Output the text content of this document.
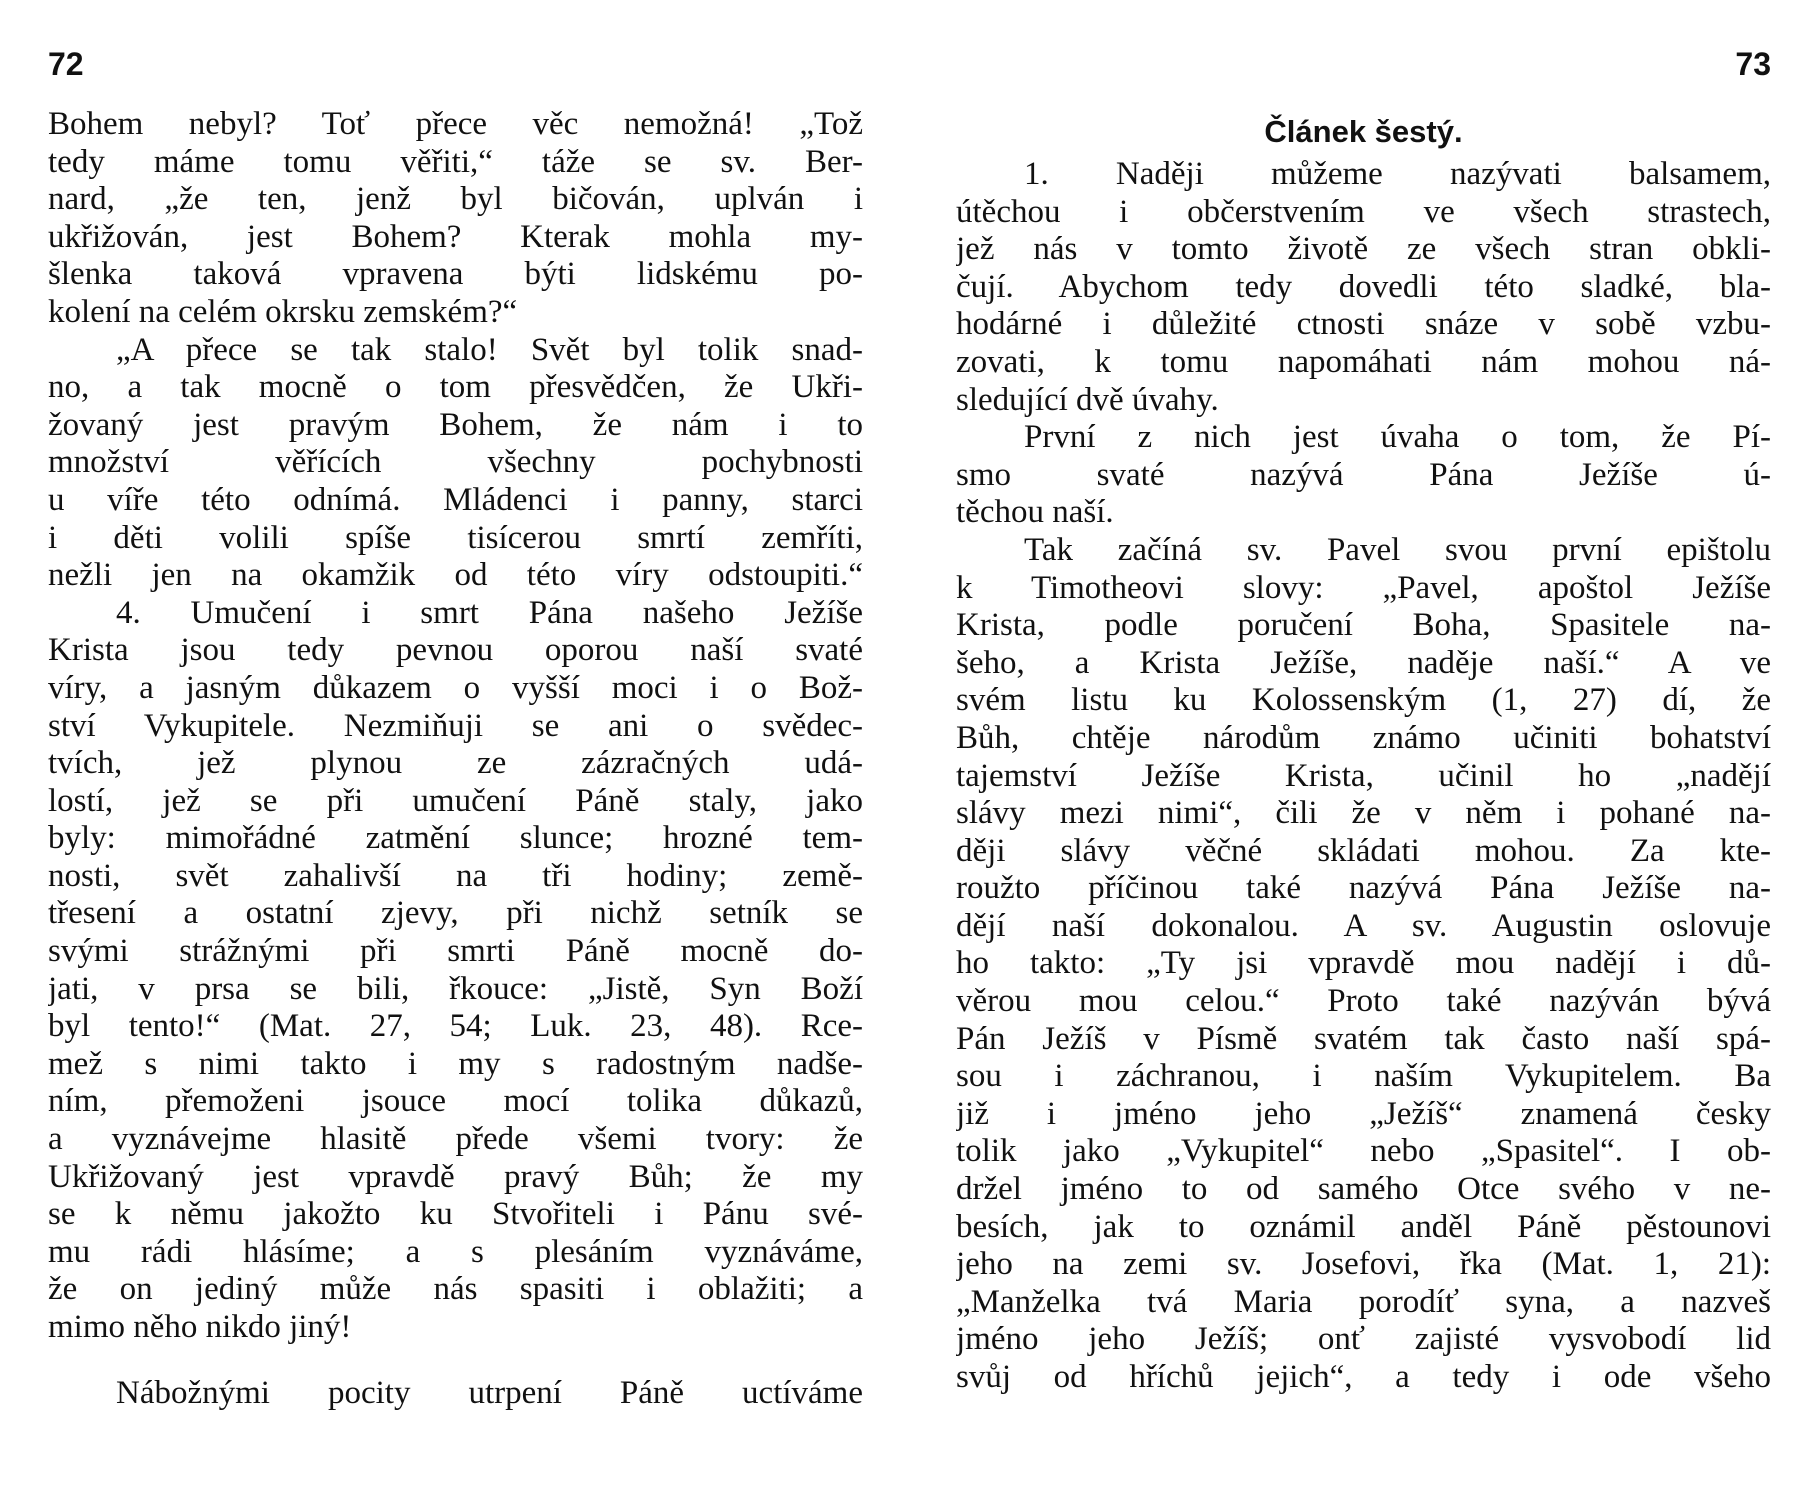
72
Bohem nebyl? Toť přece věc nemožná! „Tož
tedy máme tomu věřiti,“ táže se sv. Ber-
nard, „že ten, jenž byl bičován, uplván i
ukřižován, jest Bohem? Kterak mohla my-
šlenka taková vpravena býti lidskému po-
kolení na celém okrsku zemském?“
„A přece se tak stalo! Svět byl tolik snad-
no, a tak mocně o tom přesvědčen, že Ukři-
žovaný jest pravým Bohem, že nám i to
množství věřících všechny pochybnosti
u víře této odnímá. Mládenci i panny, starci
i děti volili spíše tisícerou smrtí zemříti,
nežli jen na okamžik od této víry odstoupiti.“
4. Umučení i smrt Pána našeho Ježíše
Krista jsou tedy pevnou oporou naší svaté
víry, a jasným důkazem o vyšší moci i o Bož-
ství Vykupitele. Nezmiňuji se ani o svědec-
tvích, jež plynou ze zázračných udá-
lostí, jež se při umučení Páně staly, jako
byly: mimořádné zatmění slunce; hrozné tem-
nosti, svět zahalivší na tři hodiny; země-
třesení a ostatní zjevy, při nichž setník se
svými strážnými při smrti Páně mocně do-
jati, v prsa se bili, řkouce: „Jistě, Syn Boží
byl tento!“ (Mat. 27, 54; Luk. 23, 48). Rce-
mež s nimi takto i my s radostným nadše-
ním, přemoženi jsouce mocí tolika důkazů,
a vyznávejme hlasitě přede všemi tvory: že
Ukřižovaný jest vpravdě pravý Bůh; že my
se k němu jakožto ku Stvořiteli i Pánu své-
mu rádi hlásíme; a s plesáním vyznáváme,
že on jediný může nás spasiti i oblažiti; a
mimo něho nikdo jiný!
Nábožnými pocity utrpení Páně uctíváme
73
Článek šestý.
1. Naději můžeme nazývati balsamem,
útěchou i občerstvením ve všech strastech,
jež nás v tomto životě ze všech stran obkli-
čují. Abychom tedy dovedli této sladké, bla-
hodárné i důležité ctnosti snáze v sobě vzbu-
zovati, k tomu napomáhati nám mohou ná-
sledující dvě úvahy.
První z nich jest úvaha o tom, že Pí-
smo svaté nazývá Pána Ježíše ú-
těchou naší.
Tak začíná sv. Pavel svou první epištolu
k Timotheovi slovy: „Pavel, apoštol Ježíše
Krista, podle poručení Boha, Spasitele na-
šeho, a Krista Ježíše, naděje naší.“ A ve
svém listu ku Kolossenským (1, 27) dí, že
Bůh, chtěje národům známo učiniti bohatství
tajemství Ježíše Krista, učinil ho „nadějí
slávy mezi nimi“, čili že v něm i pohané na-
ději slávy věčné skládati mohou. Za kte-
roužto příčinou také nazývá Pána Ježíše na-
dějí naší dokonalou. A sv. Augustin oslovuje
ho takto: „Ty jsi vpravdě mou nadějí i dů-
věrou mou celou.“ Proto také nazýván bývá
Pán Ježíš v Písmě svatém tak často naší spá-
sou i záchranou, i naším Vykupitelem. Ba
již i jméno jeho „Ježíš“ znamená česky
tolik jako „Vykupitel“ nebo „Spasitel“. I ob-
držel jméno to od samého Otce svého v ne-
besích, jak to oznámil anděl Páně pěstounovi
jeho na zemi sv. Josefovi, řka (Mat. 1, 21):
„Manželka tvá Maria porodíť syna, a nazveš
jméno jeho Ježíš; onť zajisté vysvobodí lid
svůj od hříchů jejich“, a tedy i ode všeho
